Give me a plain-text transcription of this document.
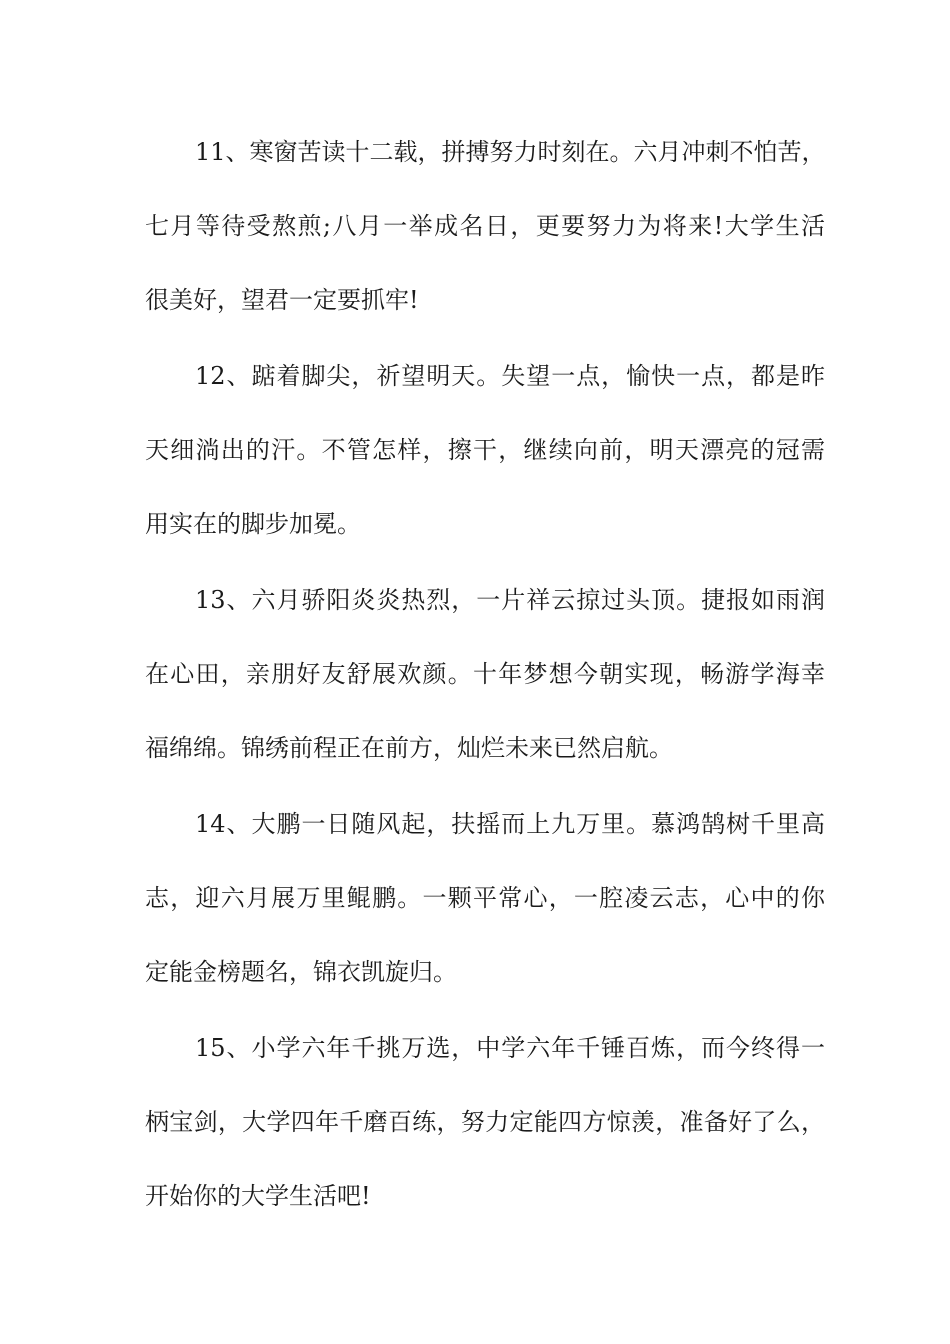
11、寒窗苦读十二载，拼搏努力时刻在。六月冲刺不怕苦，
七月等待受熬煎;八月一举成名日，更要努力为将来!大学生活
很美好，望君一定要抓牢!
12、踮着脚尖，祈望明天。失望一点，愉快一点，都是昨
天细淌出的汗。不管怎样，擦干，继续向前，明天漂亮的冠需
用实在的脚步加冕。
13、六月骄阳炎炎热烈，一片祥云掠过头顶。捷报如雨润
在心田，亲朋好友舒展欢颜。十年梦想今朝实现，畅游学海幸
福绵绵。锦绣前程正在前方，灿烂未来已然启航。
14、大鹏一日随风起，扶摇而上九万里。慕鸿鹄树千里高
志，迎六月展万里鲲鹏。一颗平常心，一腔凌云志，心中的你
定能金榜题名，锦衣凯旋归。
15、小学六年千挑万选，中学六年千锤百炼，而今终得一
柄宝剑，大学四年千磨百练，努力定能四方惊羡，准备好了么，
开始你的大学生活吧!
